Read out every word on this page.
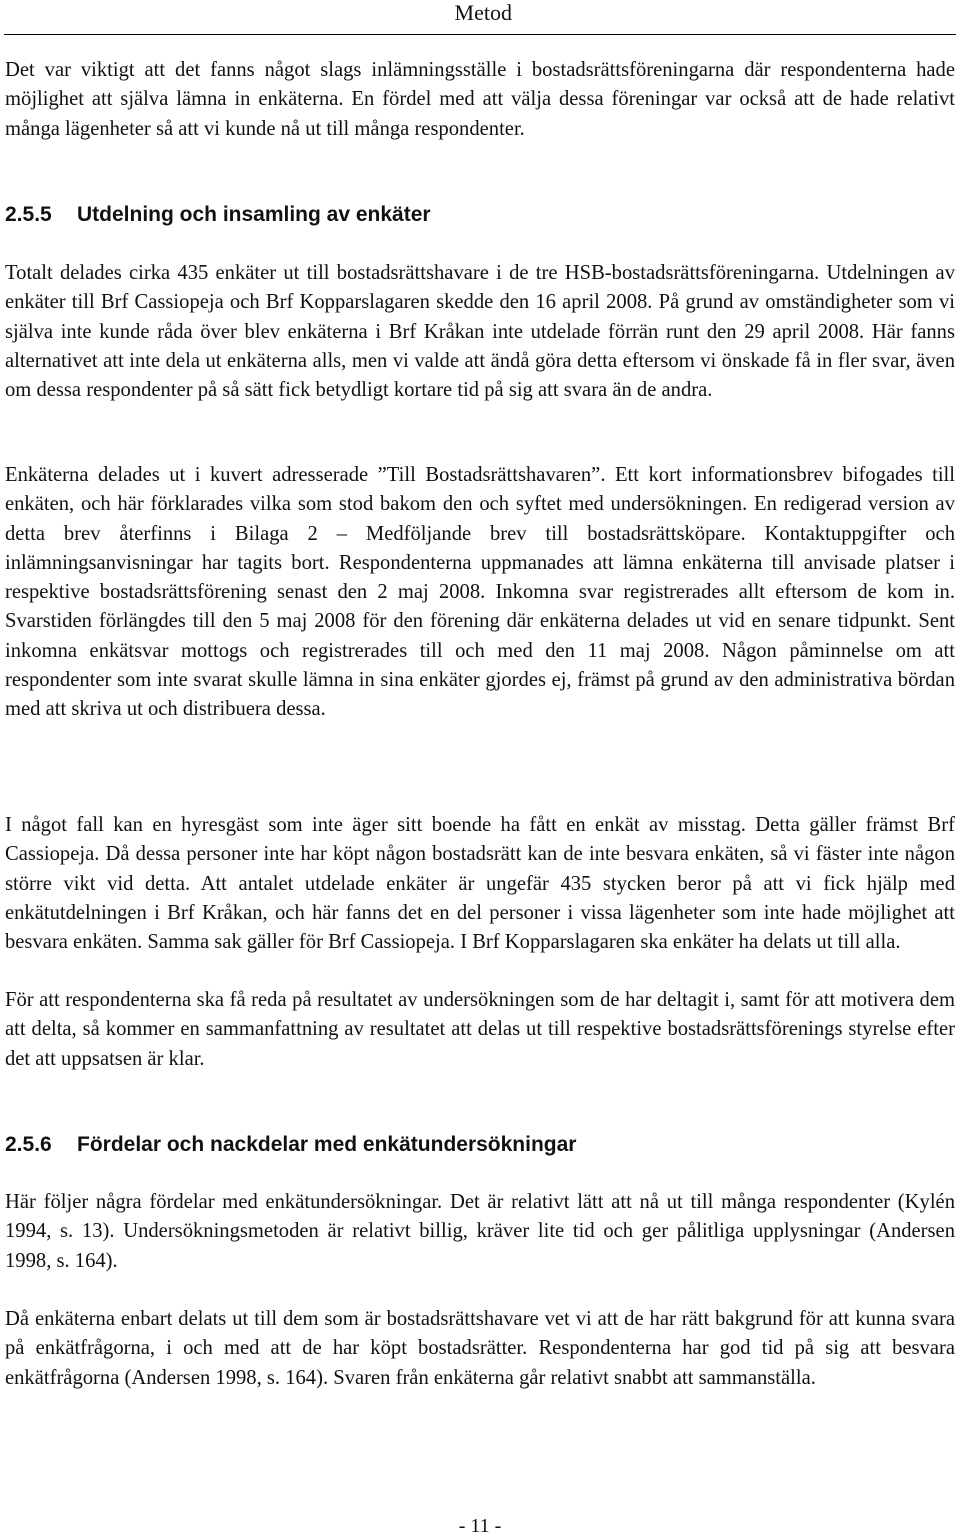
Metod

Det var viktigt att det fanns något slags inlämningsställe i bostadsrättsföreningarna där respondenterna hade möjlighet att själva lämna in enkäterna. En fördel med att välja dessa föreningar var också att de hade relativt många lägenheter så att vi kunde nå ut till många respondenter.

2.5.5 Utdelning och insamling av enkäter

Totalt delades cirka 435 enkäter ut till bostadsrättshavare i de tre HSB-bostadsrättsföreningarna. Utdelningen av enkäter till Brf Cassiopeja och Brf Kopparslagaren skedde den 16 april 2008. På grund av omständigheter som vi själva inte kunde råda över blev enkäterna i Brf Kråkan inte utdelade förrän runt den 29 april 2008. Här fanns alternativet att inte dela ut enkäterna alls, men vi valde att ändå göra detta eftersom vi önskade få in fler svar, även om dessa respondenter på så sätt fick betydligt kortare tid på sig att svara än de andra.

Enkäterna delades ut i kuvert adresserade ”Till Bostadsrättshavaren”. Ett kort informationsbrev bifogades till enkäten, och här förklarades vilka som stod bakom den och syftet med undersökningen. En redigerad version av detta brev återfinns i Bilaga 2 – Medföljande brev till bostadsrättsköpare. Kontaktuppgifter och inlämningsanvisningar har tagits bort. Respondenterna uppmanades att lämna enkäterna till anvisade platser i respektive bostadsrättsförening senast den 2 maj 2008. Inkomna svar registrerades allt eftersom de kom in. Svarstiden förlängdes till den 5 maj 2008 för den förening där enkäterna delades ut vid en senare tidpunkt. Sent inkomna enkätsvar mottogs och registrerades till och med den 11 maj 2008. Någon påminnelse om att respondenter som inte svarat skulle lämna in sina enkäter gjordes ej, främst på grund av den administrativa bördan med att skriva ut och distribuera dessa.

I något fall kan en hyresgäst som inte äger sitt boende ha fått en enkät av misstag. Detta gäller främst Brf Cassiopeja. Då dessa personer inte har köpt någon bostadsrätt kan de inte besvara enkäten, så vi fäster inte någon större vikt vid detta. Att antalet utdelade enkäter är ungefär 435 stycken beror på att vi fick hjälp med enkätutdelningen i Brf Kråkan, och här fanns det en del personer i vissa lägenheter som inte hade möjlighet att besvara enkäten. Samma sak gäller för Brf Cassiopeja. I Brf Kopparslagaren ska enkäter ha delats ut till alla.

För att respondenterna ska få reda på resultatet av undersökningen som de har deltagit i, samt för att motivera dem att delta, så kommer en sammanfattning av resultatet att delas ut till respektive bostadsrättsförenings styrelse efter det att uppsatsen är klar.

2.5.6 Fördelar och nackdelar med enkätundersökningar

Här följer några fördelar med enkätundersökningar. Det är relativt lätt att nå ut till många respondenter (Kylén 1994, s. 13). Undersökningsmetoden är relativt billig, kräver lite tid och ger pålitliga upplysningar (Andersen 1998, s. 164).

Då enkäterna enbart delats ut till dem som är bostadsrättshavare vet vi att de har rätt bakgrund för att kunna svara på enkätfrågorna, i och med att de har köpt bostadsrätter. Respondenterna har god tid på sig att besvara enkätfrågorna (Andersen 1998, s. 164). Svaren från enkäterna går relativt snabbt att sammanställa.

- 11 -
